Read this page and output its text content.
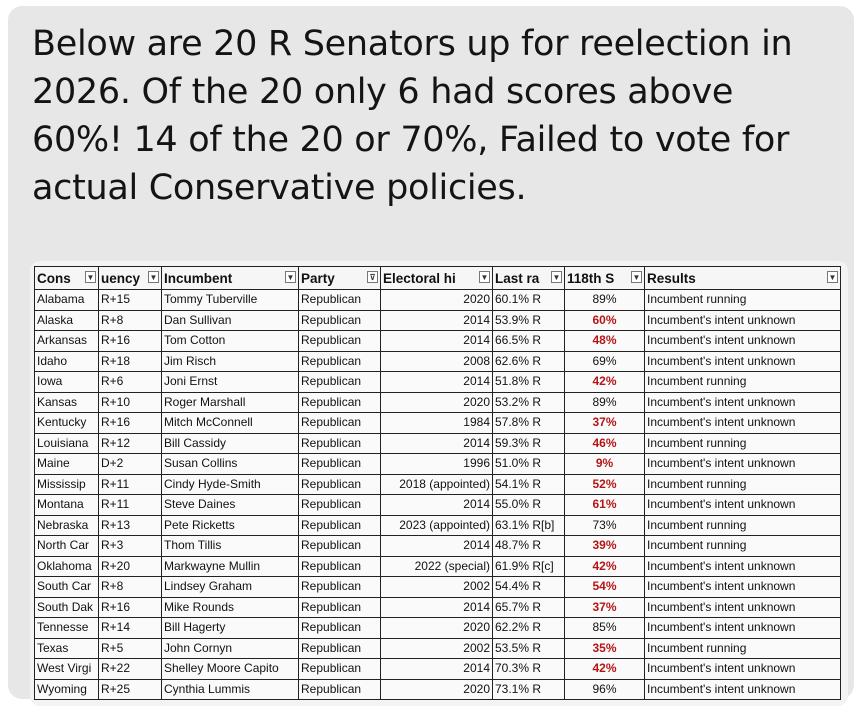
Below are 20 R Senators up for reelection in 2026. Of the 20 only 6 had scores above 60%! 14 of the 20 or 70%, Failed to vote for actual Conservative policies.

Cons ▼	uency ▼	Incumbent ▼	Party ⊽	Electoral hi ▼	Last ra ▼	118th S ▼	Results ▼

Alabama	R+15	Tommy Tuberville	Republican	2020	60.1% R	89%	Incumbent running
Alaska	R+8	Dan Sullivan	Republican	2014	53.9% R	60%	Incumbent's intent unknown
Arkansas	R+16	Tom Cotton	Republican	2014	66.5% R	48%	Incumbent's intent unknown
Idaho	R+18	Jim Risch	Republican	2008	62.6% R	69%	Incumbent's intent unknown
Iowa	R+6	Joni Ernst	Republican	2014	51.8% R	42%	Incumbent running
Kansas	R+10	Roger Marshall	Republican	2020	53.2% R	89%	Incumbent's intent unknown
Kentucky	R+16	Mitch McConnell	Republican	1984	57.8% R	37%	Incumbent's intent unknown
Louisiana	R+12	Bill Cassidy	Republican	2014	59.3% R	46%	Incumbent running
Maine	D+2	Susan Collins	Republican	1996	51.0% R	9%	Incumbent's intent unknown
Mississip	R+11	Cindy Hyde-Smith	Republican	2018 (appointed)	54.1% R	52%	Incumbent running
Montana	R+11	Steve Daines	Republican	2014	55.0% R	61%	Incumbent's intent unknown
Nebraska	R+13	Pete Ricketts	Republican	2023 (appointed)	63.1% R[b]	73%	Incumbent running
North Car	R+3	Thom Tillis	Republican	2014	48.7% R	39%	Incumbent running
Oklahoma	R+20	Markwayne Mullin	Republican	2022 (special)	61.9% R[c]	42%	Incumbent's intent unknown
South Car	R+8	Lindsey Graham	Republican	2002	54.4% R	54%	Incumbent's intent unknown
South Dak	R+16	Mike Rounds	Republican	2014	65.7% R	37%	Incumbent's intent unknown
Tennesse	R+14	Bill Hagerty	Republican	2020	62.2% R	85%	Incumbent's intent unknown
Texas	R+5	John Cornyn	Republican	2002	53.5% R	35%	Incumbent running
West Virgi	R+22	Shelley Moore Capito	Republican	2014	70.3% R	42%	Incumbent's intent unknown
Wyoming	R+25	Cynthia Lummis	Republican	2020	73.1% R	96%	Incumbent's intent unknown
